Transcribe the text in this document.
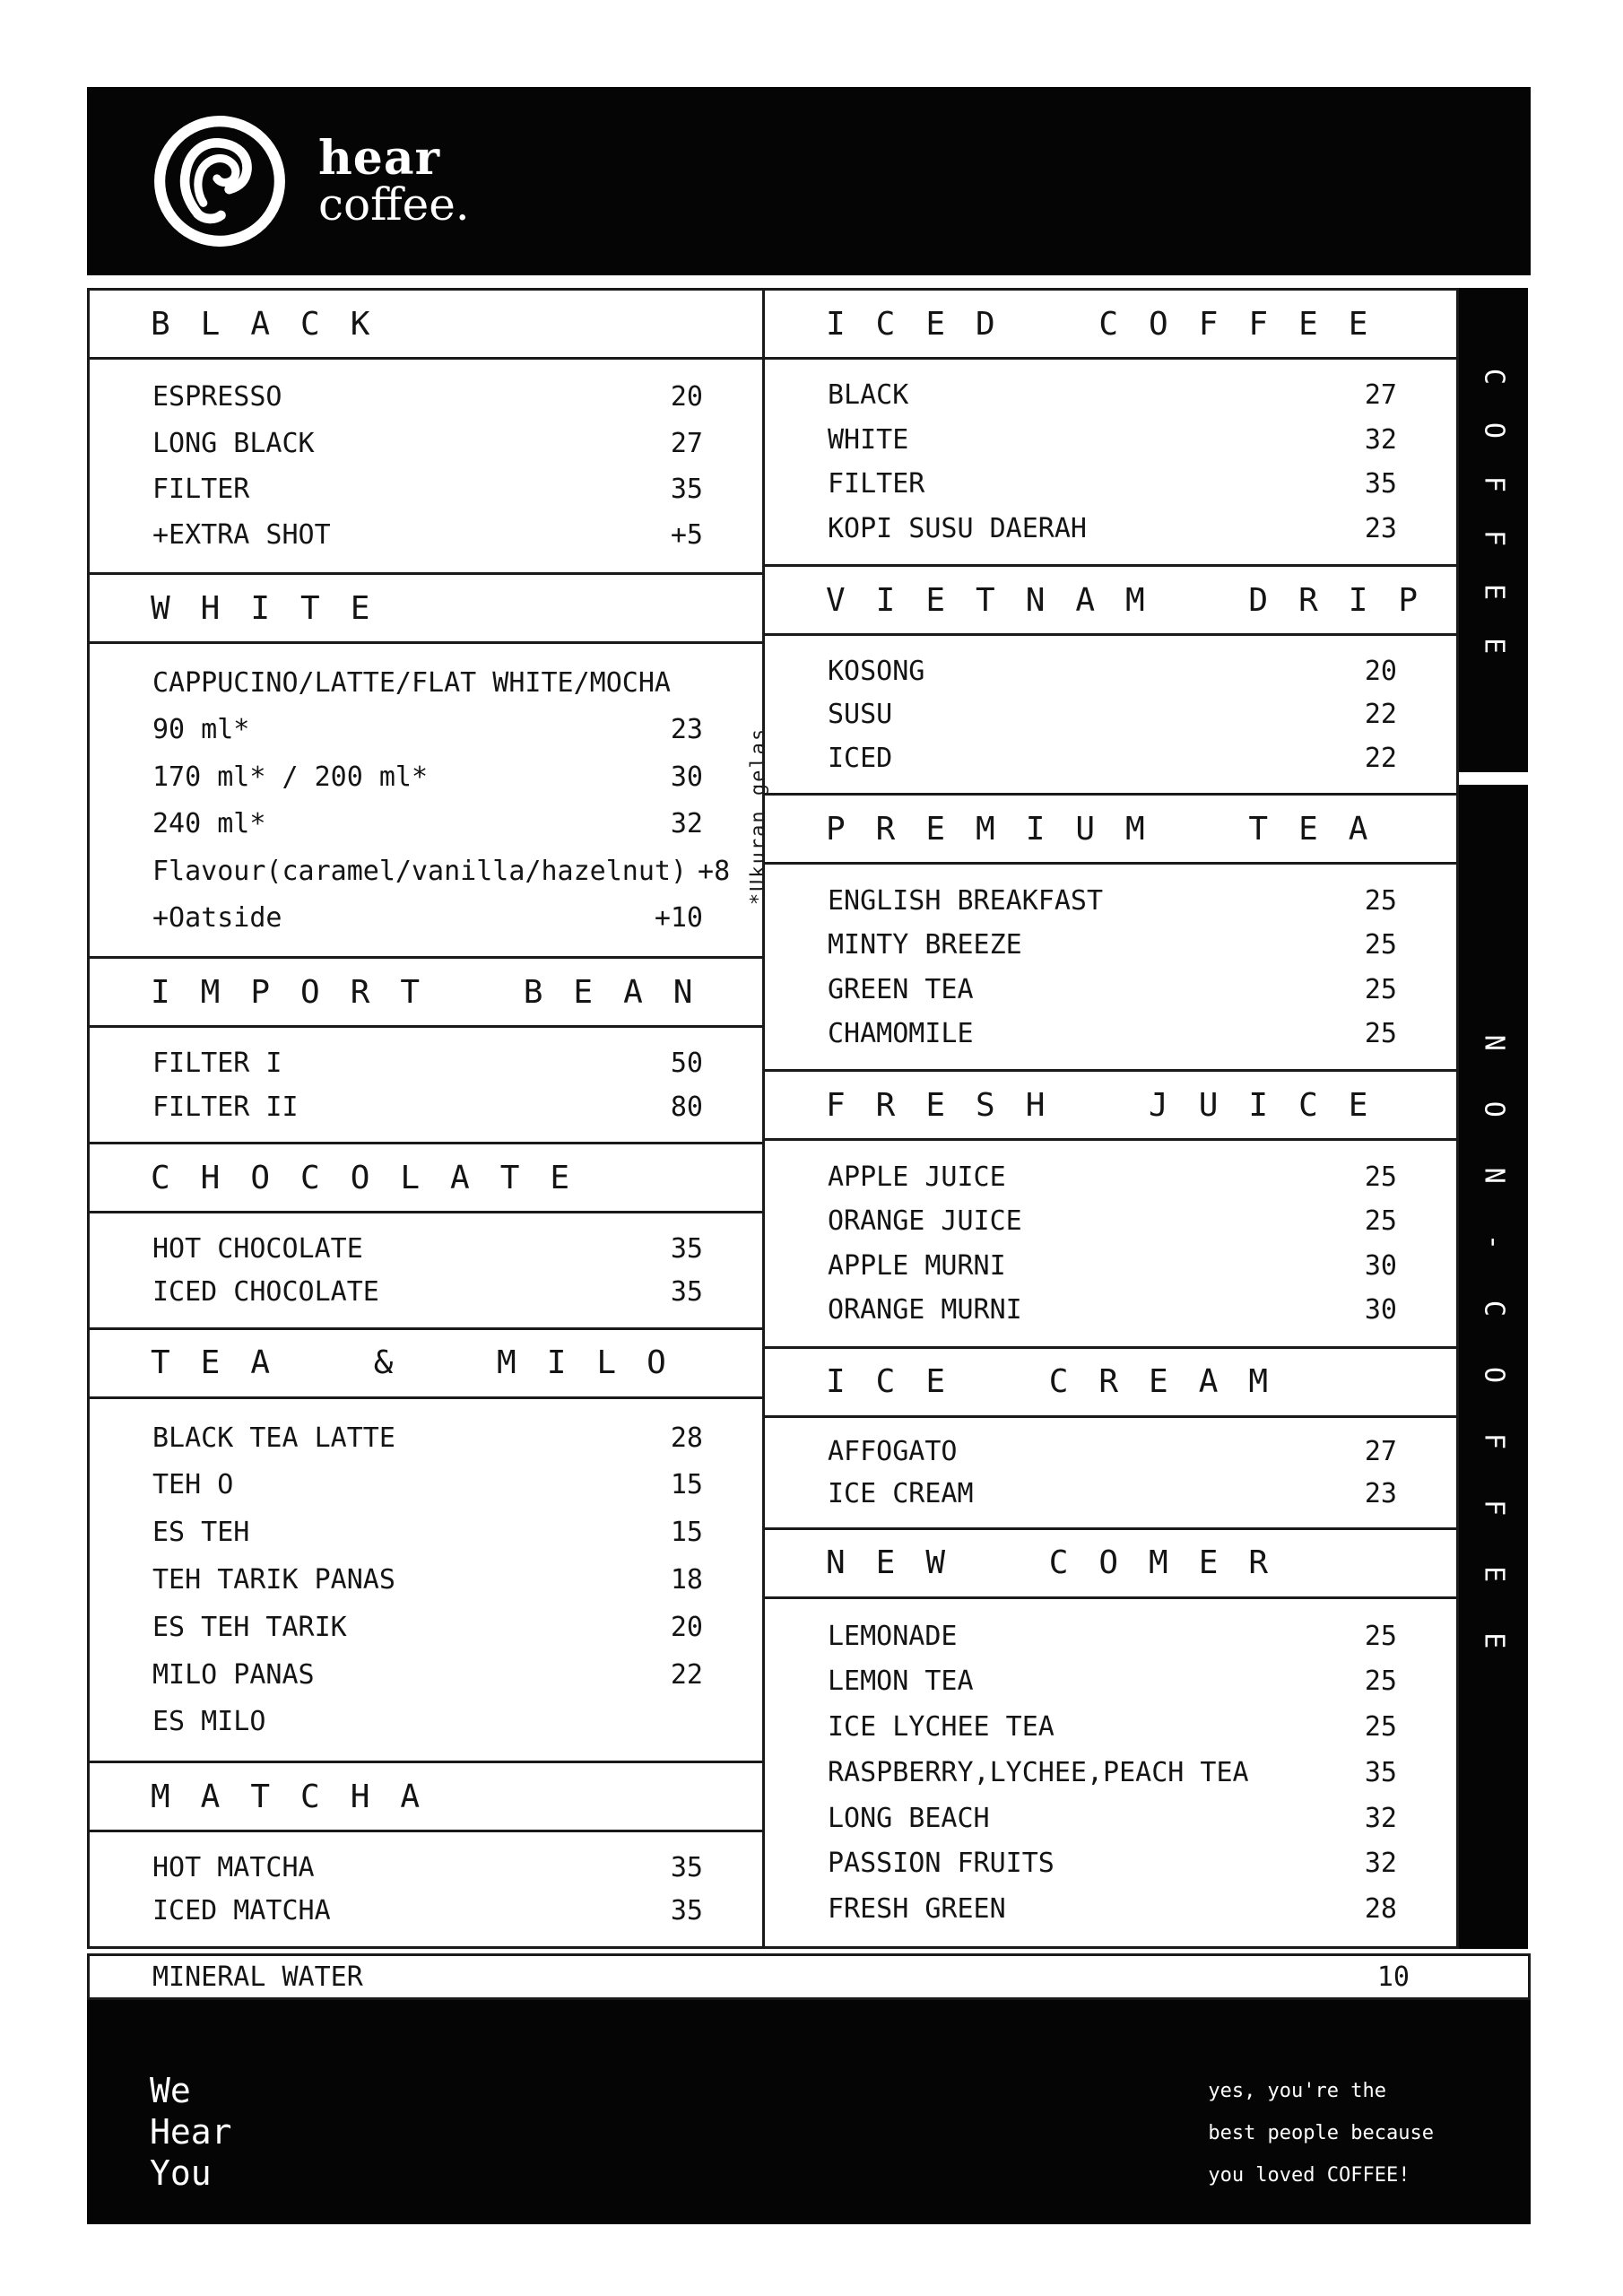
hear
coffee.
BLACK
ESPRESSO	20
LONG BLACK	27
FILTER	35
+EXTRA SHOT	+5
WHITE
CAPPUCINO/LATTE/FLAT WHITE/MOCHA
90 ml*	23
170 ml* / 200 ml*	30
240 ml*	32
Flavour(caramel/vanilla/hazelnut) +8
+Oatside	+10
*Ukuran gelas
IMPORT BEAN
FILTER I	50
FILTER II	80
CHOCOLATE
HOT CHOCOLATE	35
ICED CHOCOLATE	35
TEA & MILO
BLACK TEA LATTE	28
TEH O	15
ES TEH	15
TEH TARIK PANAS	18
ES TEH TARIK	20
MILO PANAS	22
ES MILO
MATCHA
HOT MATCHA	35
ICED MATCHA	35
ICED COFFEE
BLACK	27
WHITE	32
FILTER	35
KOPI SUSU DAERAH	23
VIETNAM DRIP
KOSONG	20
SUSU	22
ICED	22
PREMIUM TEA
ENGLISH BREAKFAST	25
MINTY BREEZE	25
GREEN TEA	25
CHAMOMILE	25
FRESH JUICE
APPLE JUICE	25
ORANGE JUICE	25
APPLE MURNI	30
ORANGE MURNI	30
ICE CREAM
AFFOGATO	27
ICE CREAM	23
NEW COMER
LEMONADE	25
LEMON TEA	25
ICE LYCHEE TEA	25
RASPBERRY,LYCHEE,PEACH TEA	35
LONG BEACH	32
PASSION FRUITS	32
FRESH GREEN	28
COFFEE
NON-COFFEE
MINERAL WATER	10
We
Hear
You
yes, you're the
best people because
you loved COFFEE!
